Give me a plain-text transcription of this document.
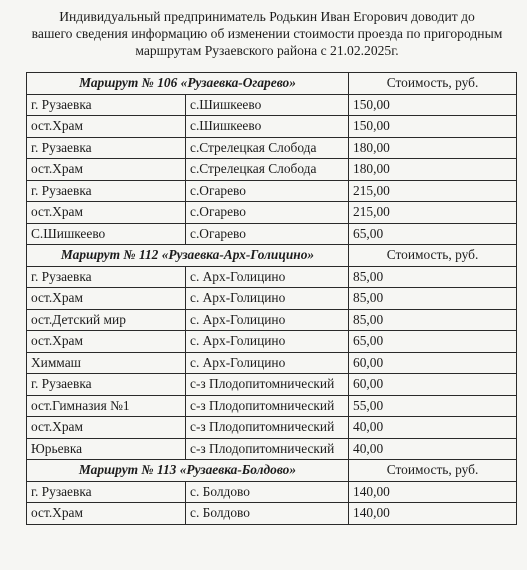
Индивидуальный предприниматель Родькин Иван Егорович доводит до
вашего сведения информацию об изменении стоимости проезда по пригородным
маршрутам Рузаевского района с 21.02.2025г.
Маршрут № 106 «Рузаевка-Огарево»		Стоимость, руб.
г. Рузаевка	с.Шишкеево	150,00
ост.Храм	с.Шишкеево	150,00
г. Рузаевка	с.Стрелецкая Слобода	180,00
ост.Храм	с.Стрелецкая Слобода	180,00
г. Рузаевка	с.Огарево	215,00
ост.Храм	с.Огарево	215,00
С.Шишкеево	с.Огарево	65,00
Маршрут № 112 «Рузаевка-Арх-Голицино»		Стоимость, руб.
г. Рузаевка	с. Арх-Голицино	85,00
ост.Храм	с. Арх-Голицино	85,00
ост.Детский мир	с. Арх-Голицино	85,00
ост.Храм	с. Арх-Голицино	65,00
Химмаш	с. Арх-Голицино	60,00
г. Рузаевка	с-з Плодопитомнический	60,00
ост.Гимназия №1	с-з Плодопитомнический	55,00
ост.Храм	с-з Плодопитомнический	40,00
Юрьевка	с-з Плодопитомнический	40,00
Маршрут № 113 «Рузаевка-Болдово»		Стоимость, руб.
г. Рузаевка	с. Болдово	140,00
ост.Храм	с. Болдово	140,00
